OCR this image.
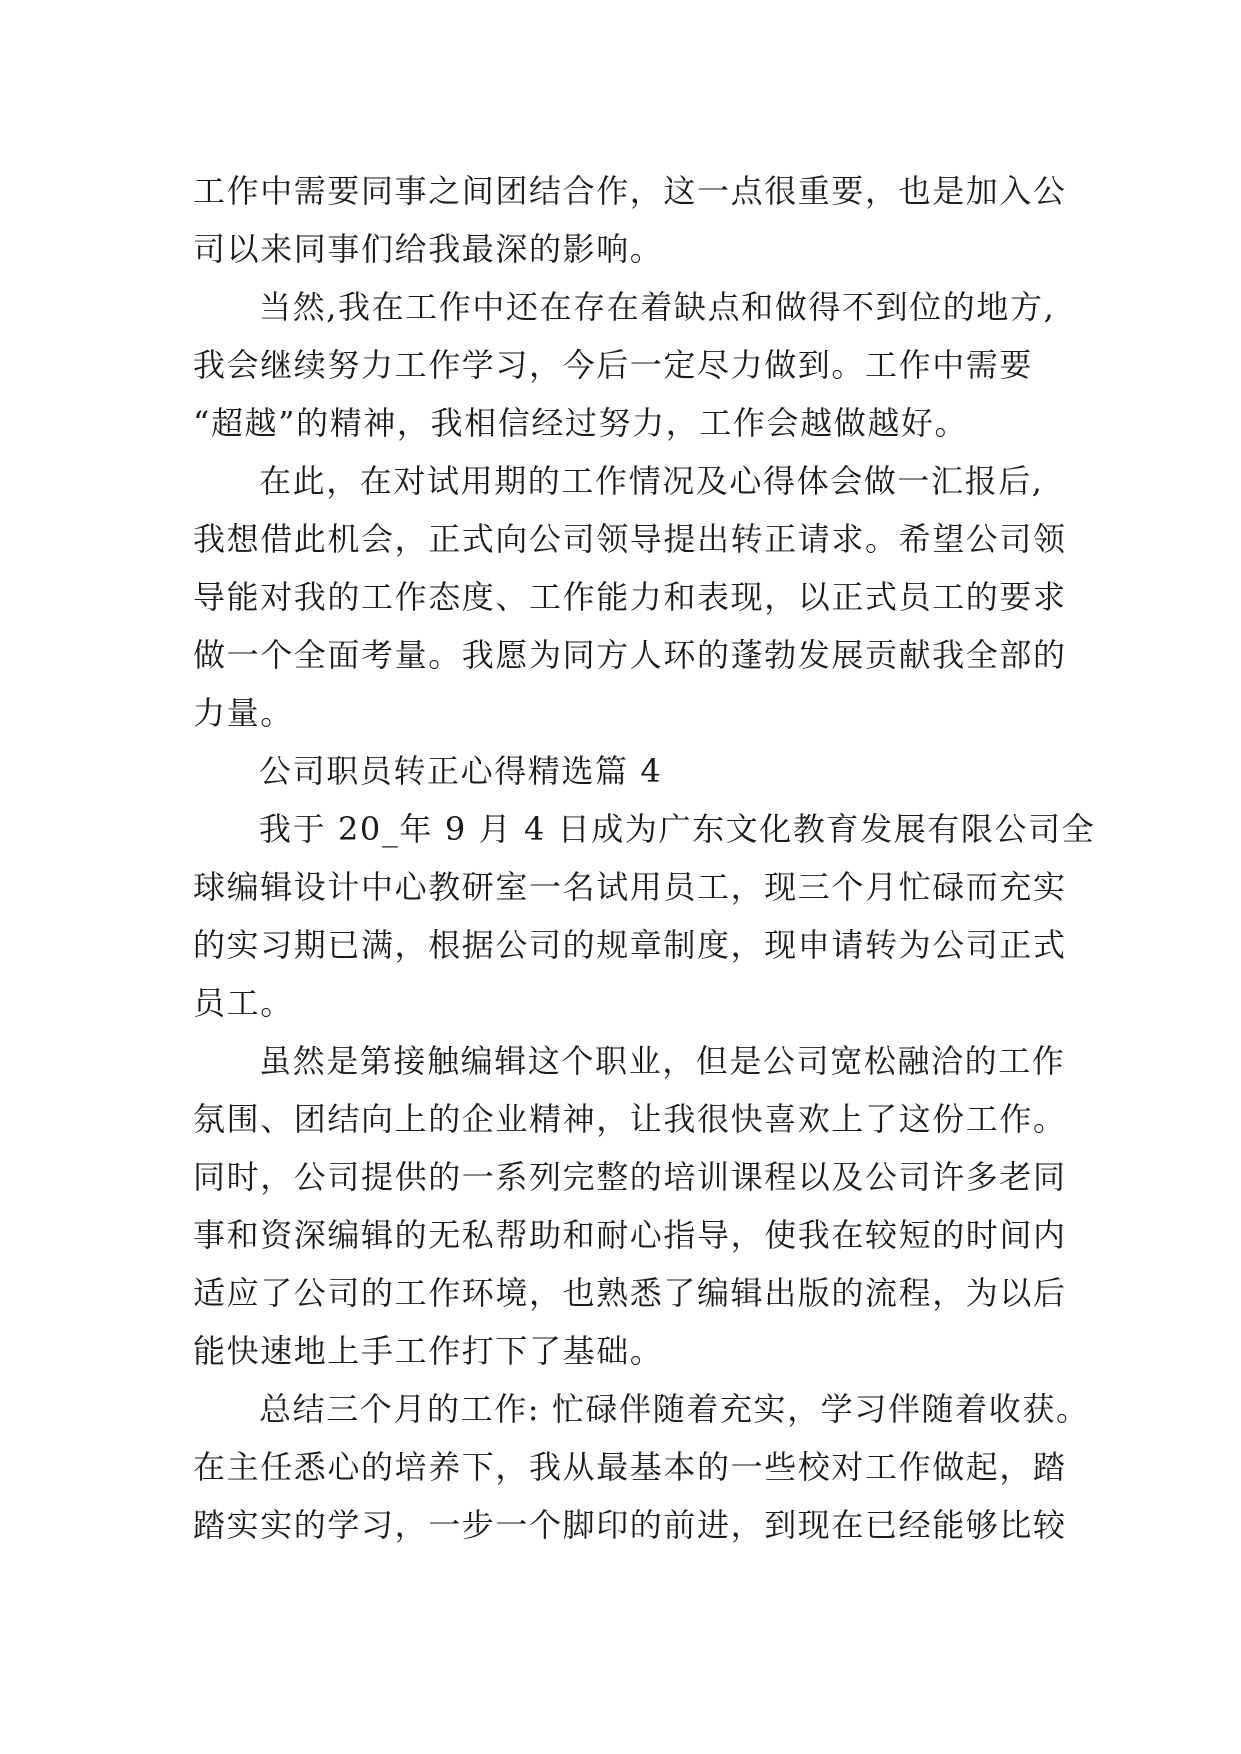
工作中需要同事之间团结合作，这一点很重要，也是加入公
司以来同事们给我最深的影响。
当然,我在工作中还在存在着缺点和做得不到位的地方,
我会继续努力工作学习，今后一定尽力做到。工作中需要
“超越”的精神，我相信经过努力，工作会越做越好。
在此，在对试用期的工作情况及心得体会做一汇报后,
我想借此机会，正式向公司领导提出转正请求。希望公司领
导能对我的工作态度、工作能力和表现，以正式员工的要求
做一个全面考量。我愿为同方人环的蓬勃发展贡献我全部的
力量。
公司职员转正心得精选篇 4
我于 20_年 9 月 4 日成为广东文化教育发展有限公司全
球编辑设计中心教研室一名试用员工，现三个月忙碌而充实
的实习期已满，根据公司的规章制度，现申请转为公司正式
员工。
虽然是第接触编辑这个职业，但是公司宽松融洽的工作
氛围、团结向上的企业精神，让我很快喜欢上了这份工作。
同时，公司提供的一系列完整的培训课程以及公司许多老同
事和资深编辑的无私帮助和耐心指导，使我在较短的时间内
适应了公司的工作环境，也熟悉了编辑出版的流程，为以后
能快速地上手工作打下了基础。
总结三个月的工作: 忙碌伴随着充实，学习伴随着收获。
在主任悉心的培养下，我从最基本的一些校对工作做起，踏
踏实实的学习，一步一个脚印的前进，到现在已经能够比较
